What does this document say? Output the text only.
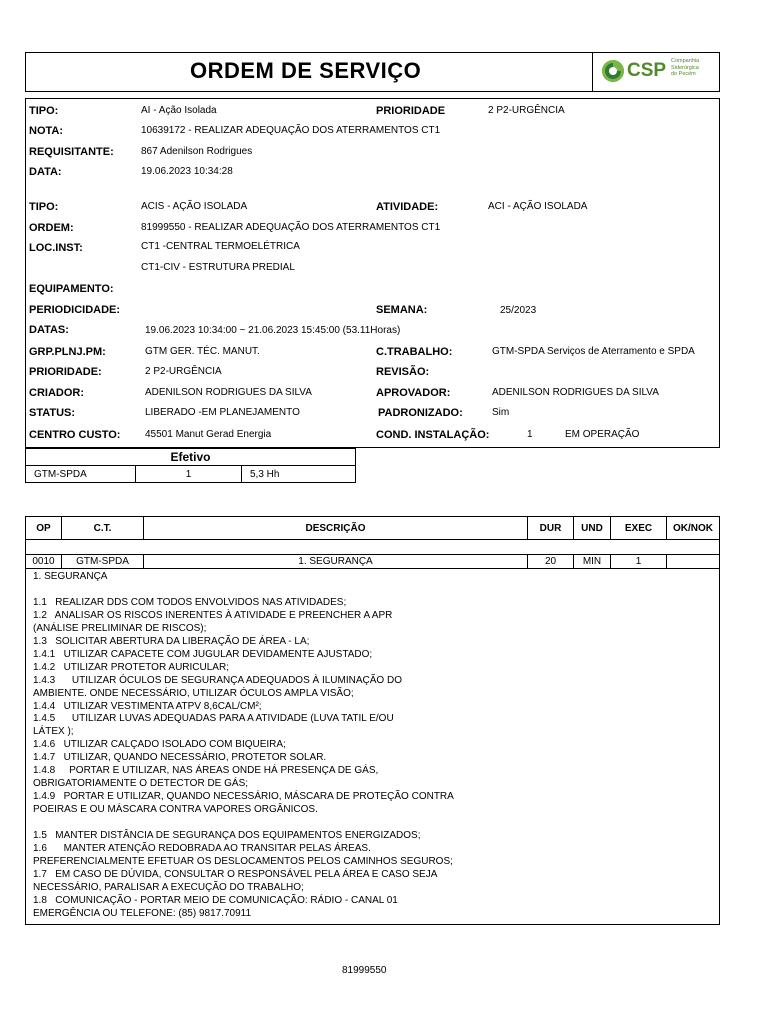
ORDEM DE SERVIÇO	CSP Companhia
Siderúrgica
do Pecém
TIPO:	AI - Ação Isolada	PRIORIDADE	2 P2-URGÊNCIA
NOTA:	10639172 - REALIZAR ADEQUAÇÃO DOS ATERRAMENTOS CT1
REQUISITANTE:	867 Adenilson Rodrigues
DATA:	19.06.2023 10:34:28
TIPO:	ACIS - AÇÃO ISOLADA	ATIVIDADE:	ACI - AÇÃO ISOLADA
ORDEM:	81999550 - REALIZAR ADEQUAÇÃO DOS ATERRAMENTOS CT1
LOC.INST:	CT1 -CENTRAL TERMOELÉTRICA
CT1-CIV - ESTRUTURA PREDIAL
EQUIPAMENTO:
PERIODICIDADE:	SEMANA:	25/2023
DATAS:	19.06.2023 10:34:00 ~ 21.06.2023 15:45:00 (53.11Horas)
GRP.PLNJ.PM:	GTM GER. TÉC. MANUT.	C.TRABALHO:	GTM-SPDA Serviços de Aterramento e SPDA
PRIORIDADE:	2 P2-URGÊNCIA	REVISÃO:
CRIADOR:	ADENILSON RODRIGUES DA SILVA	APROVADOR:	ADENILSON RODRIGUES DA SILVA
STATUS:	LIBERADO -EM PLANEJAMENTO	PADRONIZADO:	Sim
CENTRO CUSTO: 45501 Manut Gerad Energia	COND. INSTALAÇÃO:	1	EM OPERAÇÃO
Efetivo
GTM-SPDA	1	5,3 Hh
OP	C.T.	DESCRIÇÃO	DUR	UND	EXEC	OK/NOK
0010	GTM-SPDA	1. SEGURANÇA	20	MIN	1
1. SEGURANÇA

1.1   REALIZAR DDS COM TODOS ENVOLVIDOS NAS ATIVIDADES;
1.2   ANALISAR OS RISCOS INERENTES À ATIVIDADE E PREENCHER A APR
(ANÁLISE PRELIMINAR DE RISCOS);
1.3   SOLICITAR ABERTURA DA LIBERAÇÃO DE ÁREA - LA;
1.4.1   UTILIZAR CAPACETE COM JUGULAR DEVIDAMENTE AJUSTADO;
1.4.2   UTILIZAR PROTETOR AURICULAR;
1.4.3      UTILIZAR ÓCULOS DE SEGURANÇA ADEQUADOS À ILUMINAÇÃO DO
AMBIENTE. ONDE NECESSÁRIO, UTILIZAR ÓCULOS AMPLA VISÃO;
1.4.4   UTILIZAR VESTIMENTA ATPV 8,6CAL/CM²;
1.4.5      UTILIZAR LUVAS ADEQUADAS PARA A ATIVIDADE (LUVA TATIL E/OU
LÁTEX );
1.4.6   UTILIZAR CALÇADO ISOLADO COM BIQUEIRA;
1.4.7   UTILIZAR, QUANDO NECESSÁRIO, PROTETOR SOLAR.
1.4.8     PORTAR E UTILIZAR, NAS ÁREAS ONDE HÁ PRESENÇA DE GÁS,
OBRIGATORIAMENTE O DETECTOR DE GÁS;
1.4.9   PORTAR E UTILIZAR, QUANDO NECESSÁRIO, MÁSCARA DE PROTEÇÃO CONTRA
POEIRAS E OU MÁSCARA CONTRA VAPORES ORGÂNICOS.

1.5   MANTER DISTÂNCIA DE SEGURANÇA DOS EQUIPAMENTOS ENERGIZADOS;
1.6      MANTER ATENÇÃO REDOBRADA AO TRANSITAR PELAS ÁREAS.
PREFERENCIALMENTE EFETUAR OS DESLOCAMENTOS PELOS CAMINHOS SEGUROS;
1.7   EM CASO DE DÚVIDA, CONSULTAR O RESPONSÁVEL PELA ÁREA E CASO SEJA
NECESSÁRIO, PARALISAR A EXECUÇÃO DO TRABALHO;
1.8   COMUNICAÇÃO - PORTAR MEIO DE COMUNICAÇÃO: RÁDIO - CANAL 01
EMERGÊNCIA OU TELEFONE: (85) 9817.70911
81999550
